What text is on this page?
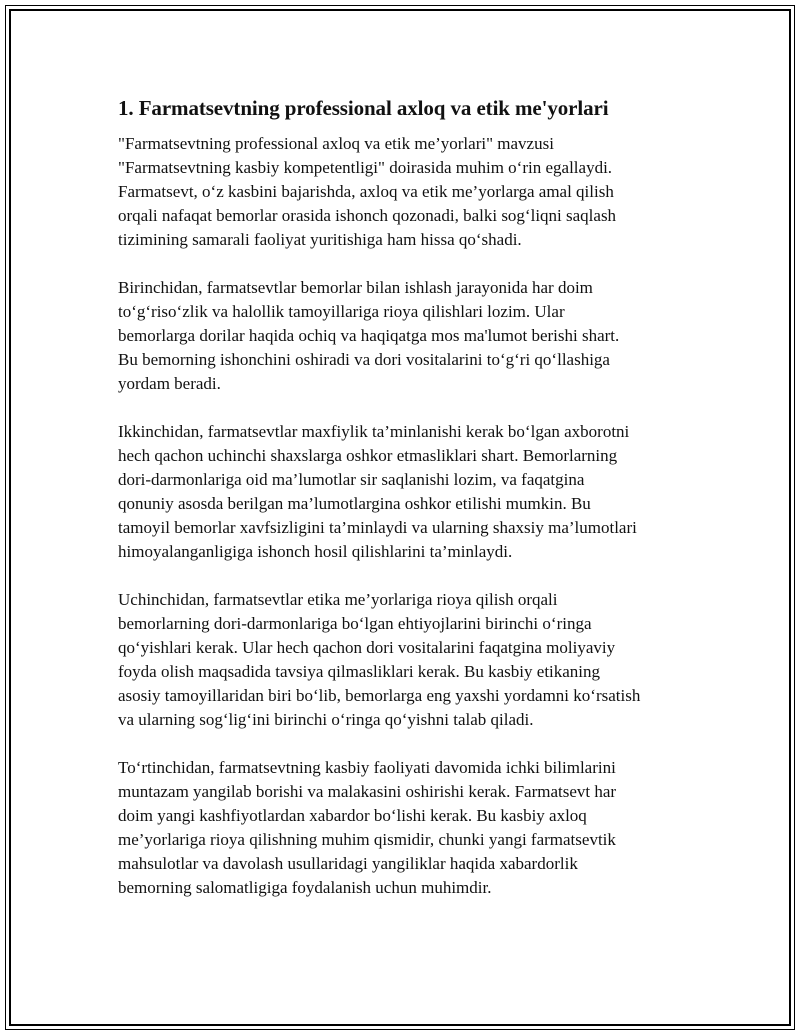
1. Farmatsevtning professional axloq va etik me'yorlari

"Farmatsevtning professional axloq va etik me’yorlari" mavzusi
"Farmatsevtning kasbiy kompetentligi" doirasida muhim o‘rin egallaydi.
Farmatsevt, o‘z kasbini bajarishda, axloq va etik me’yorlarga amal qilish
orqali nafaqat bemorlar orasida ishonch qozonadi, balki sog‘liqni saqlash
tizimining samarali faoliyat yuritishiga ham hissa qo‘shadi.

Birinchidan, farmatsevtlar bemorlar bilan ishlash jarayonida har doim
to‘g‘riso‘zlik va halollik tamoyillariga rioya qilishlari lozim. Ular
bemorlarga dorilar haqida ochiq va haqiqatga mos ma'lumot berishi shart.
Bu bemorning ishonchini oshiradi va dori vositalarini to‘g‘ri qo‘llashiga
yordam beradi.

Ikkinchidan, farmatsevtlar maxfiylik ta’minlanishi kerak bo‘lgan axborotni
hech qachon uchinchi shaxslarga oshkor etmasliklari shart. Bemorlarning
dori-darmonlariga oid ma’lumotlar sir saqlanishi lozim, va faqatgina
qonuniy asosda berilgan ma’lumotlargina oshkor etilishi mumkin. Bu
tamoyil bemorlar xavfsizligini ta’minlaydi va ularning shaxsiy ma’lumotlari
himoyalanganligiga ishonch hosil qilishlarini ta’minlaydi.

Uchinchidan, farmatsevtlar etika me’yorlariga rioya qilish orqali
bemorlarning dori-darmonlariga bo‘lgan ehtiyojlarini birinchi o‘ringa
qo‘yishlari kerak. Ular hech qachon dori vositalarini faqatgina moliyaviy
foyda olish maqsadida tavsiya qilmasliklari kerak. Bu kasbiy etikaning
asosiy tamoyillaridan biri bo‘lib, bemorlarga eng yaxshi yordamni ko‘rsatish
va ularning sog‘lig‘ini birinchi o‘ringa qo‘yishni talab qiladi.

To‘rtinchidan, farmatsevtning kasbiy faoliyati davomida ichki bilimlarini
muntazam yangilab borishi va malakasini oshirishi kerak. Farmatsevt har
doim yangi kashfiyotlardan xabardor bo‘lishi kerak. Bu kasbiy axloq
me’yorlariga rioya qilishning muhim qismidir, chunki yangi farmatsevtik
mahsulotlar va davolash usullaridagi yangiliklar haqida xabardorlik
bemorning salomatligiga foydalanish uchun muhimdir.
